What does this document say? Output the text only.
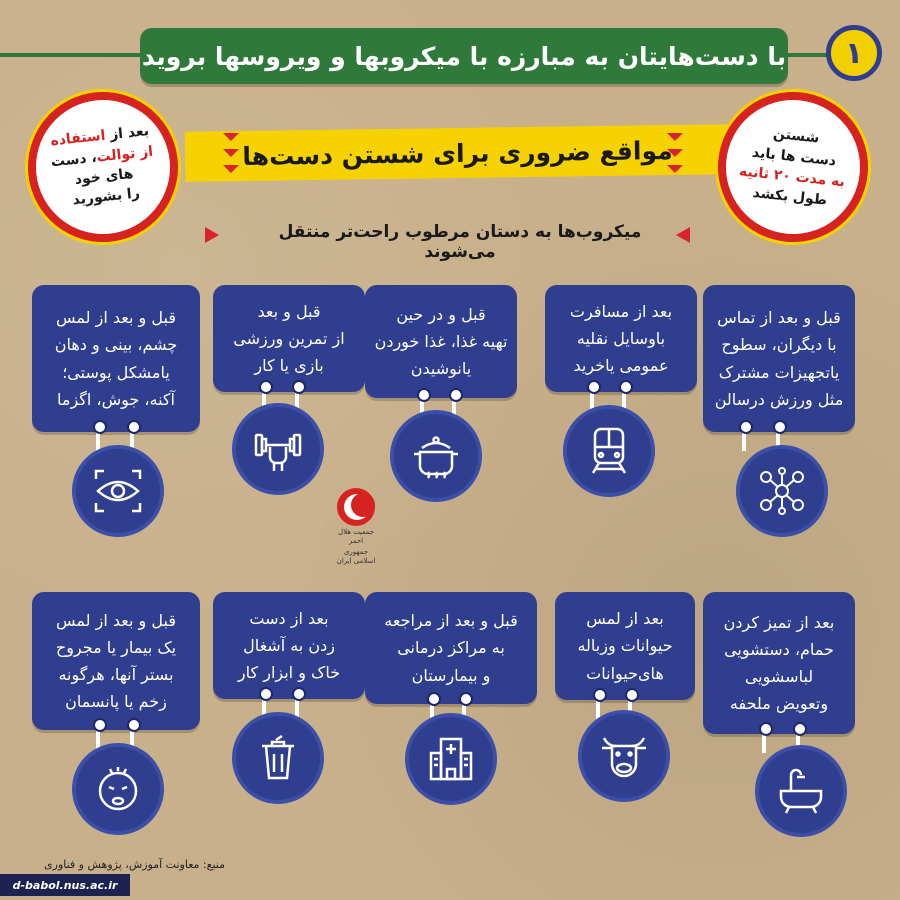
با دست‌هایتان به مبارزه با میکروبها و ویروسها بروید ۱
مواقع ضروری برای شستن دست‌ها	شستن
دست ها باید
به مدت ۲۰ ثانیه
طول بکشد
بعد از استفاده
از توالت، دست
های خود
را بشورید
میکروب‌ها به دستان مرطوب راحت‌تر منتقل می‌شوند
قبل و بعد از تماس
با دیگران، سطوح
یاتجهیزات مشترک
مثل ورزش درسالن
بعد از مسافرت
باوسایل نقلیه
عمومی یاخرید
قبل و در حین
تهیه غذا، غذا خوردن
یانوشیدن
قبل و بعد
از تمرین ورزشی
بازی یا کار
قبل و بعد از لمس
چشم، بینی و دهان
یامشکل پوستی؛
آکنه، جوش، اگزما
جمعیت هلال احمر
جمهوری اسلامی ایران
بعد از تمیز کردن
حمام، دستشویی
لباسشویی
وتعویض ملحفه
بعد از لمس
حیوانات وزباله
های‌حیوانات
قبل و بعد از مراجعه
به مراکز درمانی
و بیمارستان
بعد از دست
زدن به آشغال
خاک و ابزار کار
قبل و بعد از لمس
یک بیمار یا مجروح
بستر آنها، هرگونه
زخم یا پانسمان
منبع: معاونت آموزش، پژوهش و فناوری
d-babol.nus.ac.ir
